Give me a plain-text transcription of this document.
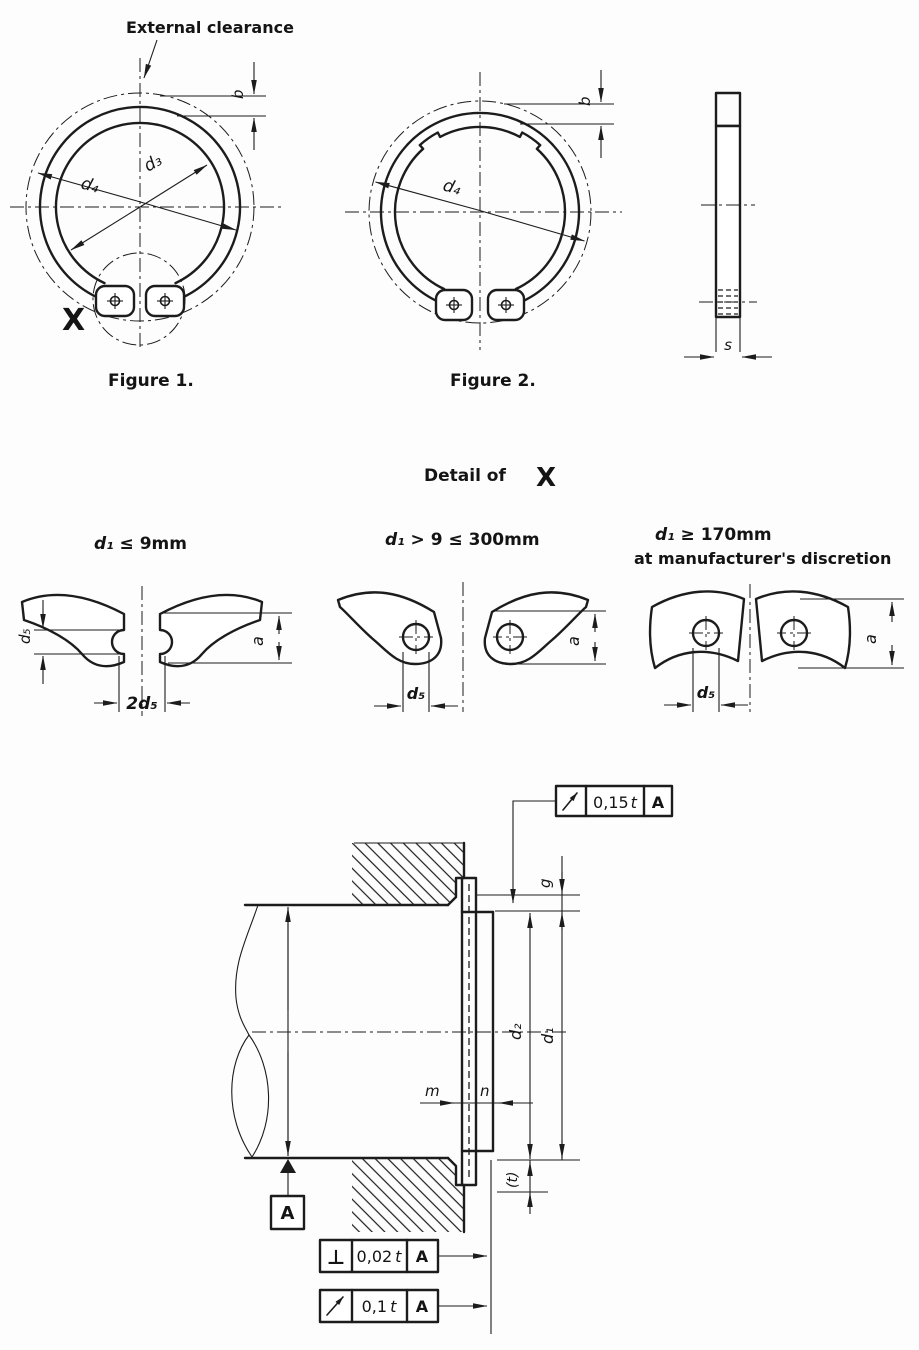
d₄
d₃
b
External clearance
X
Figure 1.
d₄
b
Figure 2.
s
Detail of X
d₁ ≤ 9mm
d₅
2d₅
a
d₁ > 9 ≤ 300mm
d₅
a
d₁ ≥ 170mm
at manufacturer's discretion
d₅
a
A
g
d₁
d₂
(t)
m	n
0,15 t A
⊥ 0,02 t A
0,1 t A
